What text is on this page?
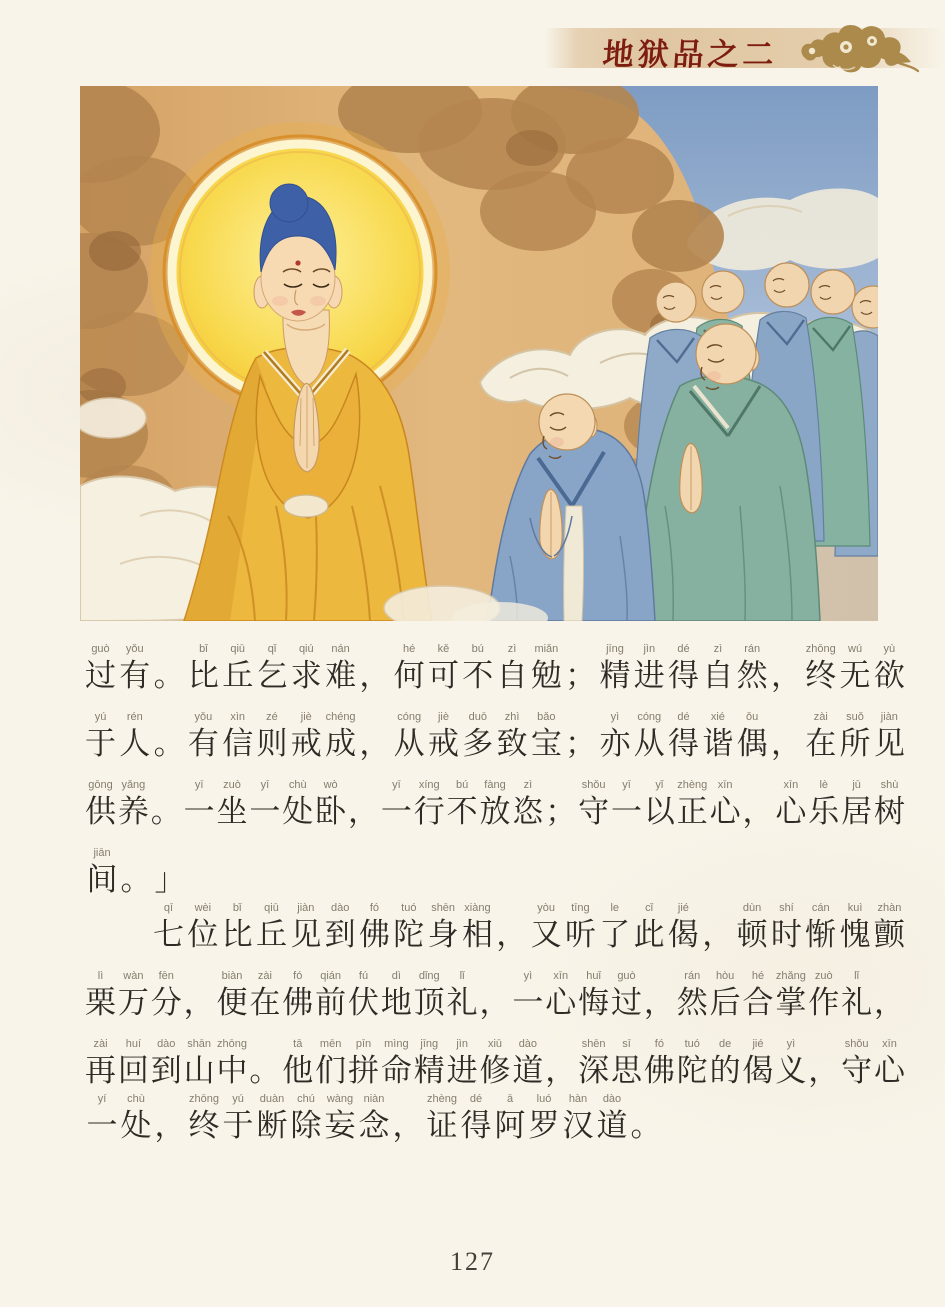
地狱品之二
guò
过
yǒu
有
。
bǐ
比
qiū
丘
qǐ
乞
qiú
求
nán
难
，
hé
何
kě
可
bú
不
zì
自
miǎn
勉
；
jīng
精
jìn
进
dé
得
zì
自
rán
然
，
zhōng
终
wú
无
yù
欲
yú
于
rén
人
。
yǒu
有
xìn
信
zé
则
jiè
戒
chéng
成
，
cóng
从
jiè
戒
duō
多
zhì
致
bǎo
宝
；
yì
亦
cóng
从
dé
得
xié
谐
ǒu
偶
，
zài
在
suǒ
所
jiàn
见
gōng
供
yǎng
养
。
yī
一
zuò
坐
yī
一
chù
处
wò
卧
，
yī
一
xíng
行
bú
不
fàng
放
zì
恣
；
shǒu
守
yī
一
yǐ
以
zhèng
正
xīn
心
，
xīn
心
lè
乐
jū
居
shù
树
jiān
间
。
」
qī
七
wèi
位
bǐ
比
qiū
丘
jiàn
见
dào
到
fó
佛
tuó
陀
shēn
身
xiàng
相
，
yòu
又
tīng
听
le
了
cǐ
此
jié
偈
，
dùn
顿
shí
时
cán
惭
kuì
愧
zhàn
颤
lì
栗
wàn
万
fēn
分
，
biàn
便
zài
在
fó
佛
qián
前
fú
伏
dì
地
dǐng
顶
lǐ
礼
，
yì
一
xīn
心
huǐ
悔
guò
过
，
rán
然
hòu
后
hé
合
zhǎng
掌
zuò
作
lǐ
礼
，
zài
再
huí
回
dào
到
shān
山
zhōng
中
。
tā
他
mēn
们
pīn
拼
mìng
命
jīng
精
jìn
进
xiū
修
dào
道
，
shēn
深
sī
思
fó
佛
tuó
陀
de
的
jié
偈
yì
义
，
shǒu
守
xīn
心
yí
一
chù
处
，
zhōng
终
yú
于
duàn
断
chú
除
wàng
妄
niàn
念
，
zhèng
证
dé
得
ā
阿
luó
罗
hàn
汉
dào
道
。
127
